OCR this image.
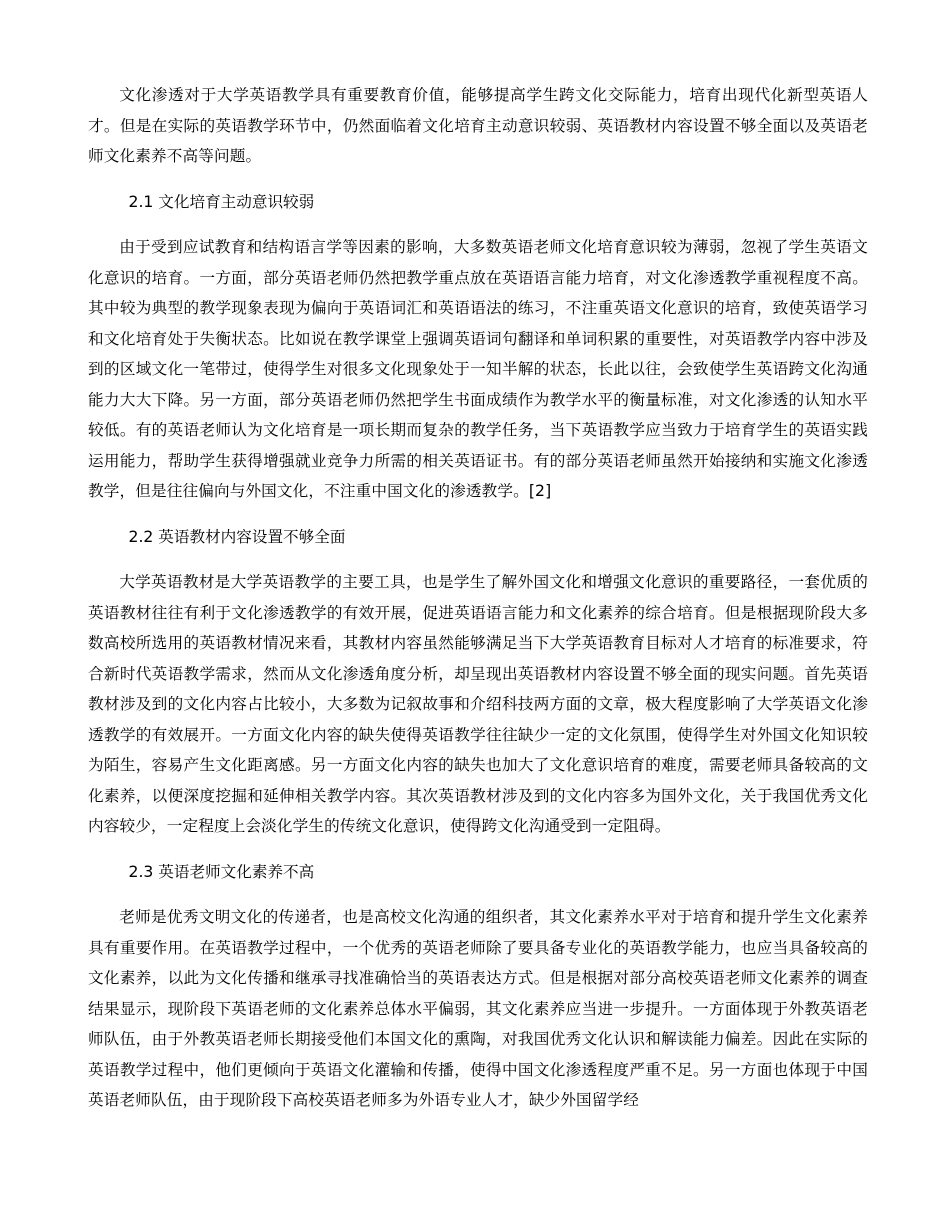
文化渗透对于大学英语教学具有重要教育价值，能够提高学生跨文化交际能力，培育出现代化新型英语人才。但是在实际的英语教学环节中，仍然面临着文化培育主动意识较弱、英语教材内容设置不够全面以及英语老师文化素养不高等问题。

2.1 文化培育主动意识较弱

由于受到应试教育和结构语言学等因素的影响，大多数英语老师文化培育意识较为薄弱，忽视了学生英语文化意识的培育。一方面，部分英语老师仍然把教学重点放在英语语言能力培育，对文化渗透教学重视程度不高。其中较为典型的教学现象表现为偏向于英语词汇和英语语法的练习，不注重英语文化意识的培育，致使英语学习和文化培育处于失衡状态。比如说在教学课堂上强调英语词句翻译和单词积累的重要性，对英语教学内容中涉及到的区域文化一笔带过，使得学生对很多文化现象处于一知半解的状态，长此以往，会致使学生英语跨文化沟通能力大大下降。另一方面，部分英语老师仍然把学生书面成绩作为教学水平的衡量标准，对文化渗透的认知水平较低。有的英语老师认为文化培育是一项长期而复杂的教学任务，当下英语教学应当致力于培育学生的英语实践运用能力，帮助学生获得增强就业竞争力所需的相关英语证书。有的部分英语老师虽然开始接纳和实施文化渗透教学，但是往往偏向与外国文化，不注重中国文化的渗透教学。[2]

2.2 英语教材内容设置不够全面

大学英语教材是大学英语教学的主要工具，也是学生了解外国文化和增强文化意识的重要路径，一套优质的英语教材往往有利于文化渗透教学的有效开展，促进英语语言能力和文化素养的综合培育。但是根据现阶段大多数高校所选用的英语教材情况来看，其教材内容虽然能够满足当下大学英语教育目标对人才培育的标准要求，符合新时代英语教学需求，然而从文化渗透角度分析，却呈现出英语教材内容设置不够全面的现实问题。首先英语教材涉及到的文化内容占比较小，大多数为记叙故事和介绍科技两方面的文章，极大程度影响了大学英语文化渗透教学的有效展开。一方面文化内容的缺失使得英语教学往往缺少一定的文化氛围，使得学生对外国文化知识较为陌生，容易产生文化距离感。另一方面文化内容的缺失也加大了文化意识培育的难度，需要老师具备较高的文化素养，以便深度挖掘和延伸相关教学内容。其次英语教材涉及到的文化内容多为国外文化，关于我国优秀文化内容较少，一定程度上会淡化学生的传统文化意识，使得跨文化沟通受到一定阻碍。

2.3 英语老师文化素养不高

老师是优秀文明文化的传递者，也是高校文化沟通的组织者，其文化素养水平对于培育和提升学生文化素养具有重要作用。在英语教学过程中，一个优秀的英语老师除了要具备专业化的英语教学能力，也应当具备较高的文化素养，以此为文化传播和继承寻找准确恰当的英语表达方式。但是根据对部分高校英语老师文化素养的调查结果显示，现阶段下英语老师的文化素养总体水平偏弱，其文化素养应当进一步提升。一方面体现于外教英语老师队伍，由于外教英语老师长期接受他们本国文化的熏陶，对我国优秀文化认识和解读能力偏差。因此在实际的英语教学过程中，他们更倾向于英语文化灌输和传播，使得中国文化渗透程度严重不足。另一方面也体现于中国英语老师队伍，由于现阶段下高校英语老师多为外语专业人才，缺少外国留学经
